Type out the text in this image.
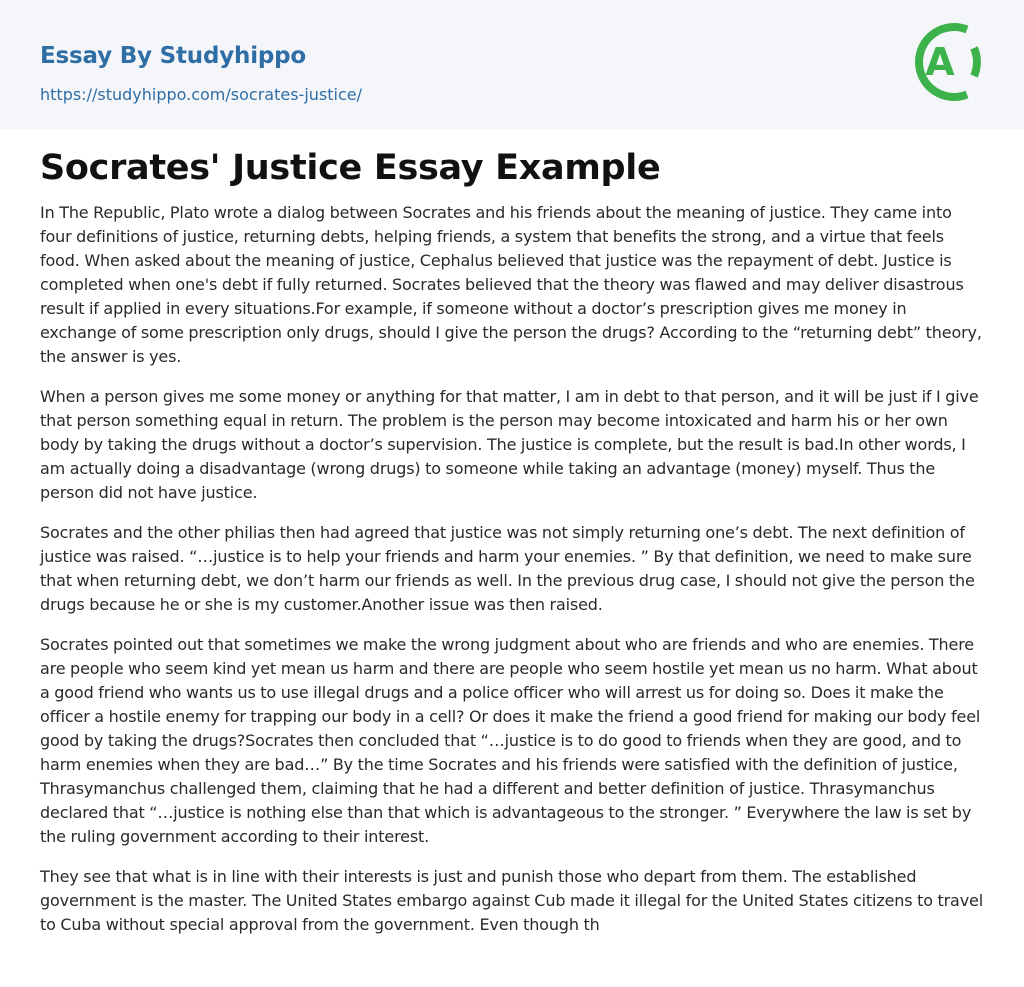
Essay By Studyhippo
https://studyhippo.com/socrates-justice/
A
Socrates' Justice Essay Example

In The Republic, Plato wrote a dialog between Socrates and his friends about the meaning of justice. They came into four definitions of justice, returning debts, helping friends, a system that benefits the strong, and a virtue that feels food. When asked about the meaning of justice, Cephalus believed that justice was the repayment of debt. Justice is completed when one's debt if fully returned. Socrates believed that the theory was flawed and may deliver disastrous result if applied in every situations.For example, if someone without a doctor’s prescription gives me money in exchange of some prescription only drugs, should I give the person the drugs? According to the “returning debt” theory, the answer is yes.

When a person gives me some money or anything for that matter, I am in debt to that person, and it will be just if I give that person something equal in return. The problem is the person may become intoxicated and harm his or her own body by taking the drugs without a doctor’s supervision. The justice is complete, but the result is bad.In other words, I am actually doing a disadvantage (wrong drugs) to someone while taking an advantage (money) myself. Thus the person did not have justice.

Socrates and the other philias then had agreed that justice was not simply returning one’s debt. The next definition of justice was raised. “…justice is to help your friends and harm your enemies. ” By that definition, we need to make sure that when returning debt, we don’t harm our friends as well. In the previous drug case, I should not give the person the drugs because he or she is my customer.Another issue was then raised.

Socrates pointed out that sometimes we make the wrong judgment about who are friends and who are enemies. There are people who seem kind yet mean us harm and there are people who seem hostile yet mean us no harm. What about a good friend who wants us to use illegal drugs and a police officer who will arrest us for doing so. Does it make the officer a hostile enemy for trapping our body in a cell? Or does it make the friend a good friend for making our body feel good by taking the drugs?Socrates then concluded that “…justice is to do good to friends when they are good, and to harm enemies when they are bad…” By the time Socrates and his friends were satisfied with the definition of justice, Thrasymanchus challenged them, claiming that he had a different and better definition of justice. Thrasymanchus declared that “…justice is nothing else than that which is advantageous to the stronger. ” Everywhere the law is set by the ruling government according to their interest.

They see that what is in line with their interests is just and punish those who depart from them. The established government is the master. The United States embargo against Cub made it illegal for the United States citizens to travel to Cuba without special approval from the government. Even though th
